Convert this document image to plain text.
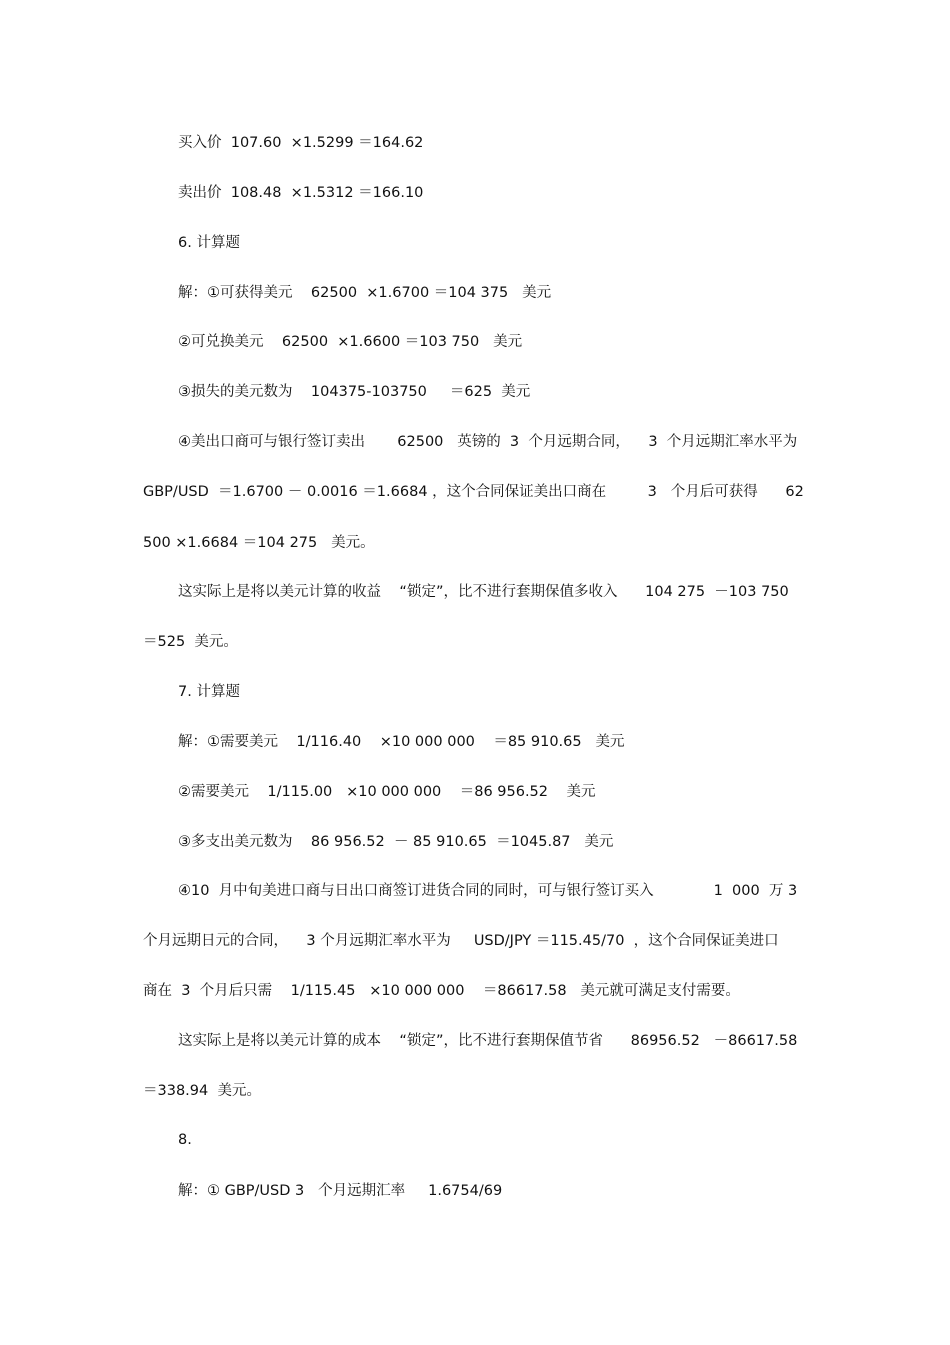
买入价  107.60  ×1.5299 ＝164.62
卖出价  108.48  ×1.5312 ＝166.10
6. 计算题
解：①可获得美元    62500  ×1.6700 ＝104 375   美元
②可兑换美元    62500  ×1.6600 ＝103 750   美元
③损失的美元数为    104375-103750     ＝625  美元
④美出口商可与银行签订卖出       62500   英镑的  3  个月远期合同，    3  个月远期汇率水平为
GBP/USD  ＝1.6700 － 0.0016 ＝1.6684 ，这个合同保证美出口商在         3   个月后可获得      62
500 ×1.6684 ＝104 275   美元。
这实际上是将以美元计算的收益    “锁定”，比不进行套期保值多收入      104 275  －103 750
＝525  美元。
7. 计算题
解：①需要美元    1/116.40    ×10 000 000    ＝85 910.65   美元
②需要美元    1/115.00   ×10 000 000    ＝86 956.52    美元
③多支出美元数为    86 956.52  － 85 910.65  ＝1045.87   美元
④10  月中旬美进口商与日出口商签订进货合同的同时，可与银行签订买入             1  000  万 3
个月远期日元的合同，    3 个月远期汇率水平为     USD/JPY ＝115.45/70  ，这个合同保证美进口
商在  3  个月后只需    1/115.45   ×10 000 000    ＝86617.58   美元就可满足支付需要。
这实际上是将以美元计算的成本    “锁定”，比不进行套期保值节省      86956.52   －86617.58
＝338.94  美元。
8.
解：① GBP/USD 3   个月远期汇率     1.6754/69
